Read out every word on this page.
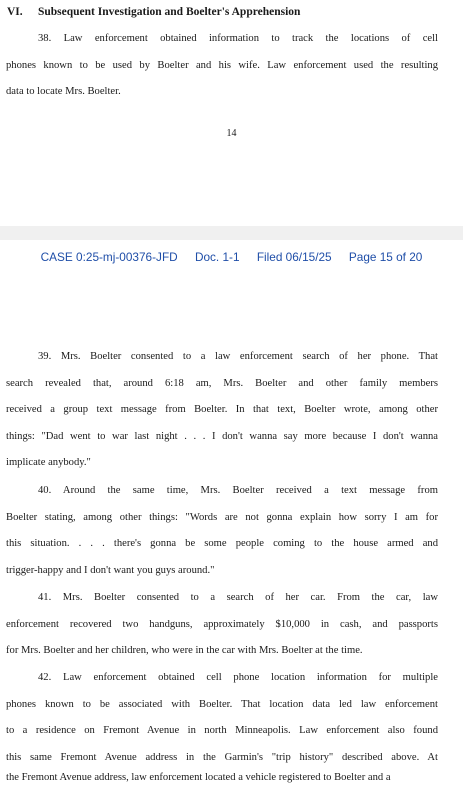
VI. Subsequent Investigation and Boelter's Apprehension
38. Law enforcement obtained information to track the locations of cell
phones known to be used by Boelter and his wife. Law enforcement used the resulting
data to locate Mrs. Boelter.
14
CASE 0:25-mj-00376-JFD Doc. 1-1 Filed 06/15/25 Page 15 of 20
39. Mrs. Boelter consented to a law enforcement search of her phone. That
search revealed that, around 6:18 am, Mrs. Boelter and other family members
received a group text message from Boelter. In that text, Boelter wrote, among other
things: "Dad went to war last night . . . I don't wanna say more because I don't wanna
implicate anybody."
40. Around the same time, Mrs. Boelter received a text message from
Boelter stating, among other things: "Words are not gonna explain how sorry I am for
this situation. . . . there's gonna be some people coming to the house armed and
trigger-happy and I don't want you guys around."
41. Mrs. Boelter consented to a search of her car. From the car, law
enforcement recovered two handguns, approximately $10,000 in cash, and passports
for Mrs. Boelter and her children, who were in the car with Mrs. Boelter at the time.
42. Law enforcement obtained cell phone location information for multiple
phones known to be associated with Boelter. That location data led law enforcement
to a residence on Fremont Avenue in north Minneapolis. Law enforcement also found
this same Fremont Avenue address in the Garmin's "trip history" described above. At
the Fremont Avenue address, law enforcement located a vehicle registered to Boelter and a
